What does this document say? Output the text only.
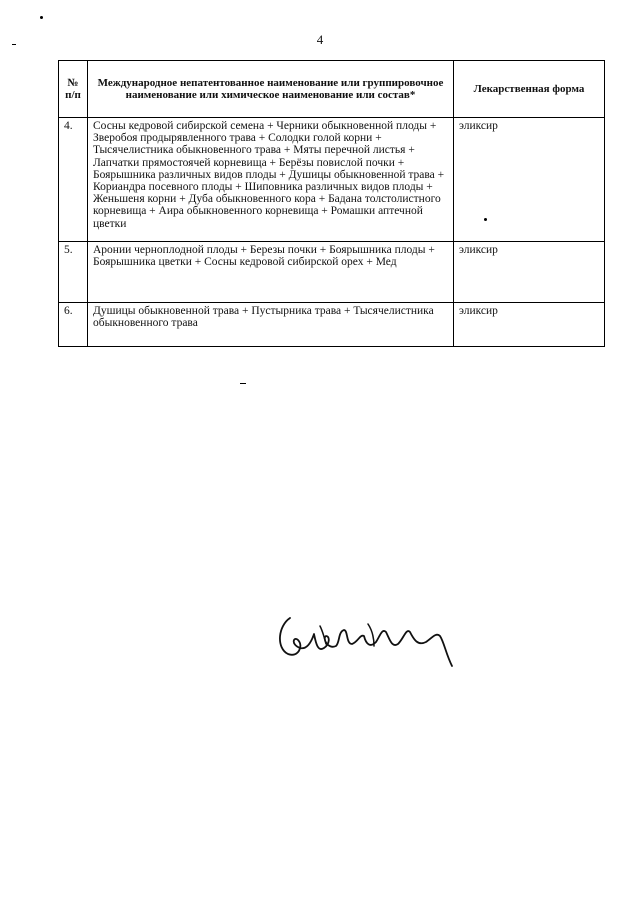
4
№ п/п	Международное непатентованное наименование или группировочное наименование или химическое наименование или состав*	Лекарственная форма
4.	Сосны кедровой сибирской семена + Черники обыкновенной плоды + Зверобоя продырявленного трава + Солодки голой корни + Тысячелистника обыкновенного трава + Мяты перечной листья + Лапчатки прямостоячей корневища + Берёзы повислой почки + Боярышника различных видов плоды + Душицы обыкновенной трава + Кориандра посевного плоды + Шиповника различных видов плоды + Женьшеня корни + Дуба обыкновенного кора + Бадана толстолистного корневища + Аира обыкновенного корневища + Ромашки аптечной цветки	эликсир
5.	Аронии черноплодной плоды + Березы почки + Боярышника плоды + Боярышника цветки + Сосны кедровой сибирской орех + Мед	эликсир
6.	Душицы обыкновенной трава + Пустырника трава + Тысячелистника обыкновенного трава	эликсир
